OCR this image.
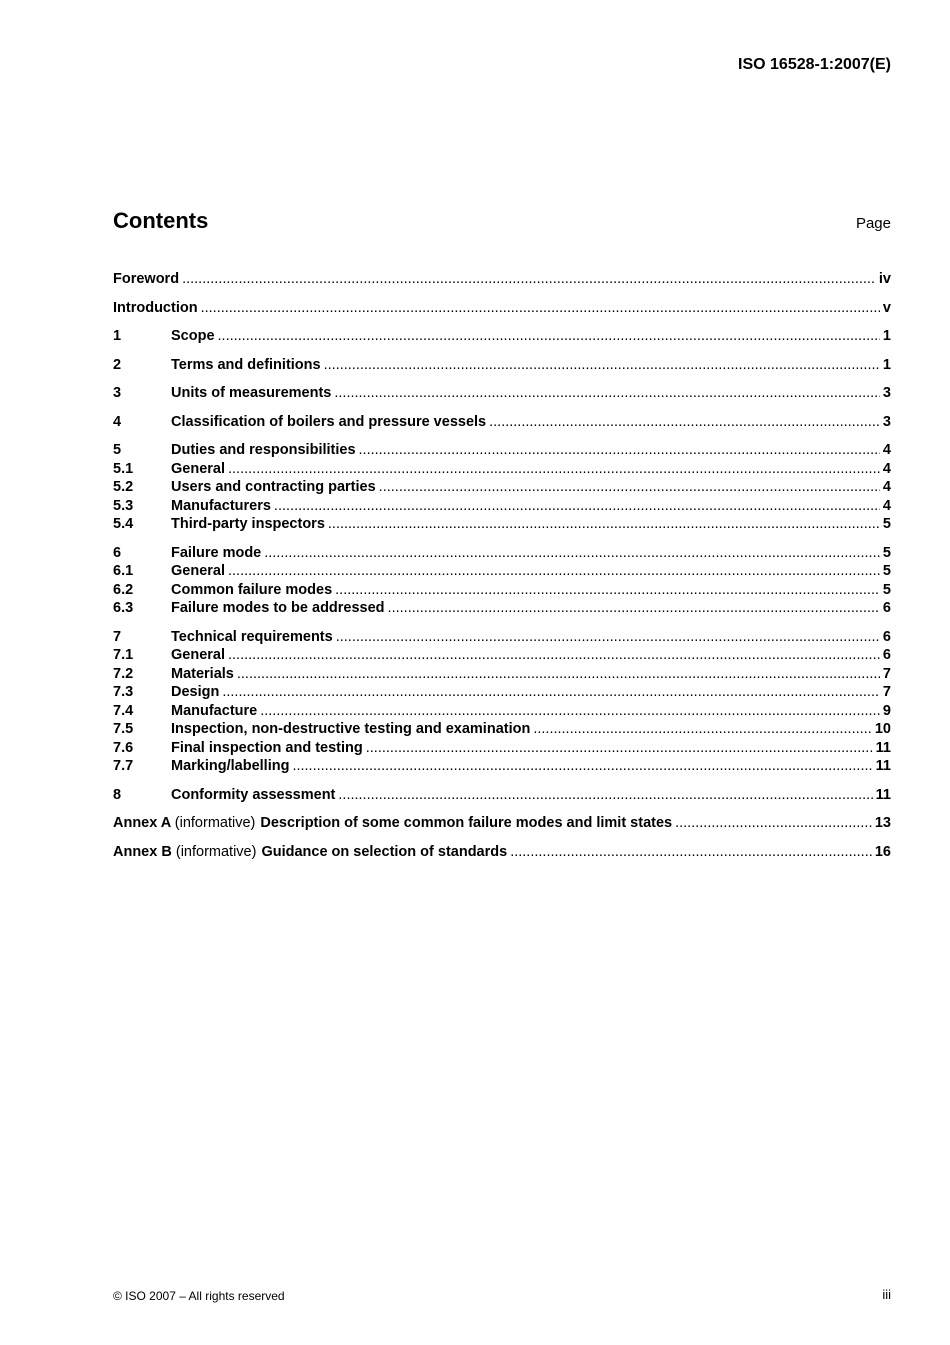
ISO 16528-1:2007(E)
Contents	Page
Foreword .....	iv
Introduction .....	v
1	Scope .....	1
2	Terms and definitions .....	1
3	Units of measurements .....	3
4	Classification of boilers and pressure vessels .....	3
5	Duties and responsibilities .....	4
5.1	General .....	4
5.2	Users and contracting parties .....	4
5.3	Manufacturers .....	4
5.4	Third-party inspectors .....	5
6	Failure mode .....	5
6.1	General .....	5
6.2	Common failure modes .....	5
6.3	Failure modes to be addressed .....	6
7	Technical requirements .....	6
7.1	General .....	6
7.2	Materials .....	7
7.3	Design .....	7
7.4	Manufacture .....	9
7.5	Inspection, non-destructive testing and examination .....	10
7.6	Final inspection and testing .....	11
7.7	Marking/labelling .....	11
8	Conformity assessment .....	11
Annex A (informative) Description of some common failure modes and limit states .....	13
Annex B (informative) Guidance on selection of standards .....	16
© ISO 2007 – All rights reserved	iii
